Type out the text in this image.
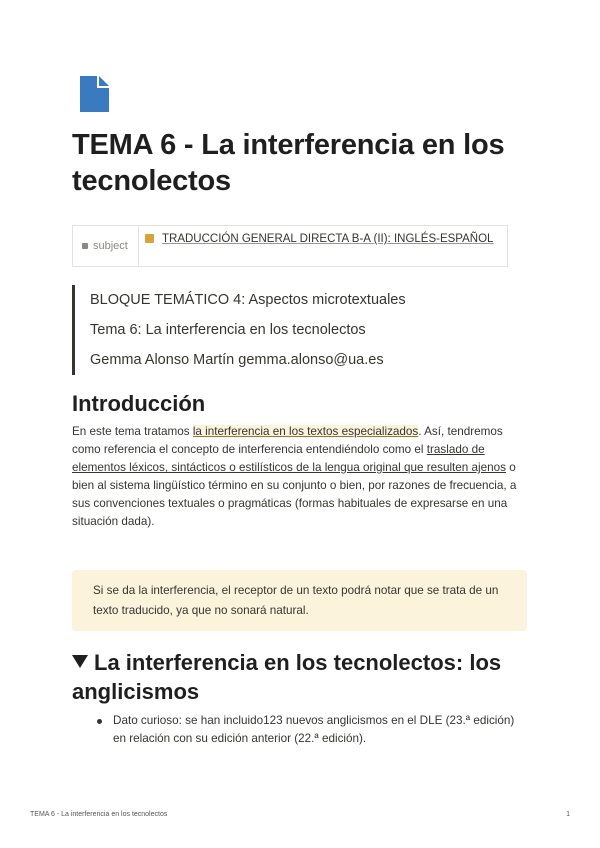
TEMA 6 - La interferencia en los tecnolectos
subject
TRADUCCIÓN GENERAL DIRECTA B-A (II): INGLÉS-ESPAÑOL

BLOQUE TEMÁTICO 4: Aspectos microtextuales

Tema 6: La interferencia en los tecnolectos

Gemma Alonso Martín gemma.alonso@ua.es

Introducción

En este tema tratamos la interferencia en los textos especializados. Así, tendremos como referencia el concepto de interferencia entendiéndolo como el traslado de elementos léxicos, sintácticos o estilísticos de la lengua original que resulten ajenos o bien al sistema lingüístico término en su conjunto o bien, por razones de frecuencia, a sus convenciones textuales o pragmáticas (formas habituales de expresarse en una situación dada).

Si se da la interferencia, el receptor de un texto podrá notar que se trata de un texto traducido, ya que no sonará natural.
La interferencia en los tecnolectos: los anglicismos
Dato curioso: se han incluido123 nuevos anglicismos en el DLE (23.ª edición) en relación con su edición anterior (22.ª edición).
TEMA 6 - La interferencia en los tecnolectos	1
